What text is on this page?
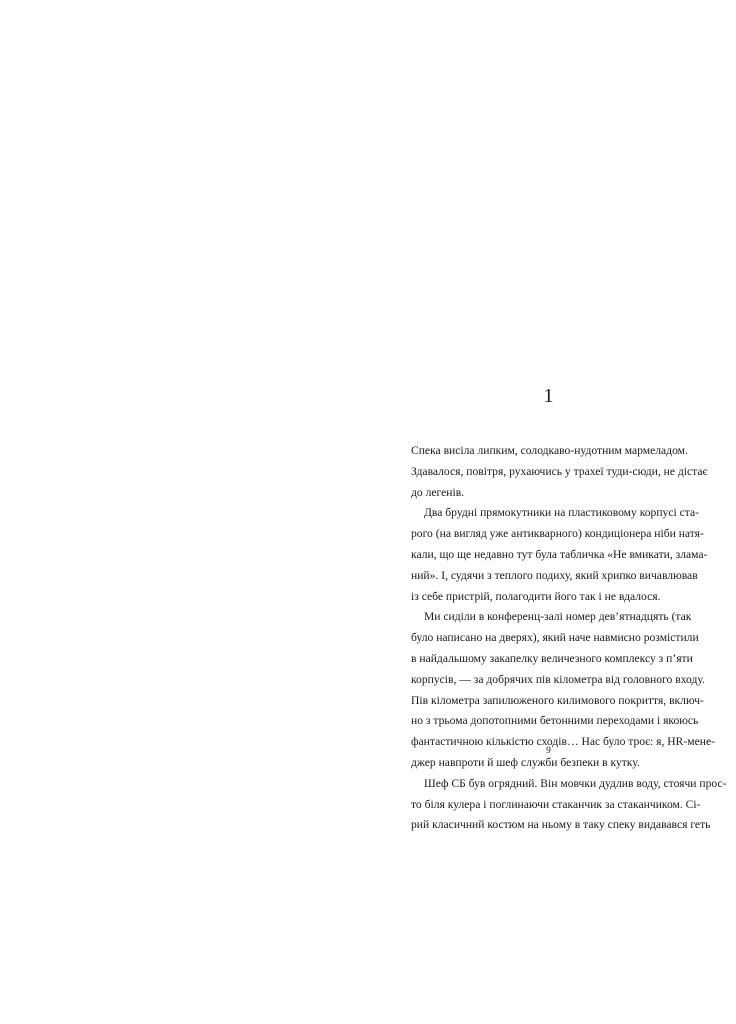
1
Спека висіла липким, солодкаво-нудотним мармеладом.
Здавалося, повітря, рухаючись у трахеї туди-сюди, не дістає
до легенів.
Два брудні прямокутники на пластиковому корпусі ста-
рого (на вигляд уже антикварного) кондиціонера ніби натя-
кали, що ще недавно тут була табличка «Не вмикати, злама-
ний». І, судячи з теплого подиху, який хрипко вичавлював
із себе пристрій, полагодити його так і не вдалося.
Ми сиділи в конференц-залі номер дев’ятнадцять (так
було написано на дверях), який наче навмисно розмістили
в найдальшому закапелку величезного комплексу з п’яти
корпусів, — за добрячих пів кілометра від головного входу.
Пів кілометра запилюженого килимового покриття, включ-
но з трьома допотопними бетонними переходами і якоюсь
фантастичною кількістю сходів… Нас було троє: я, HR-мене-
джер навпроти й шеф служби безпеки в кутку.
Шеф СБ був огрядний. Він мовчки дудлив воду, стоячи прос-
то біля кулера і поглинаючи стаканчик за стаканчиком. Сі-
рий класичний костюм на ньому в таку спеку видавався геть
9
